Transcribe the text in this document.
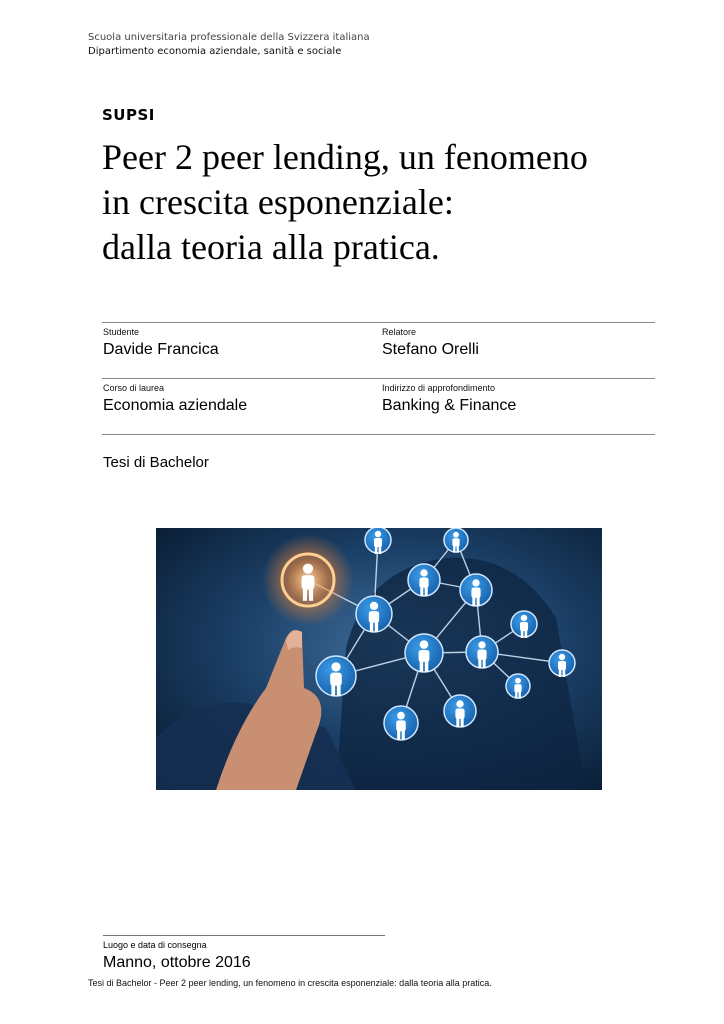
Scuola universitaria professionale della Svizzera italiana
Dipartimento economia aziendale, sanità e sociale
SUPSI
Peer 2 peer lending, un fenomeno
in crescita esponenziale:
dalla teoria alla pratica.
Studente	Relatore
Davide Francica	Stefano Orelli
Corso di laurea	Indirizzo di approfondimento
Economia aziendale	Banking & Finance
Tesi di Bachelor
Luogo e data di consegna
Manno, ottobre 2016
Tesi di Bachelor - Peer 2 peer lending, un fenomeno in crescita esponenziale: dalla teoria alla pratica.
